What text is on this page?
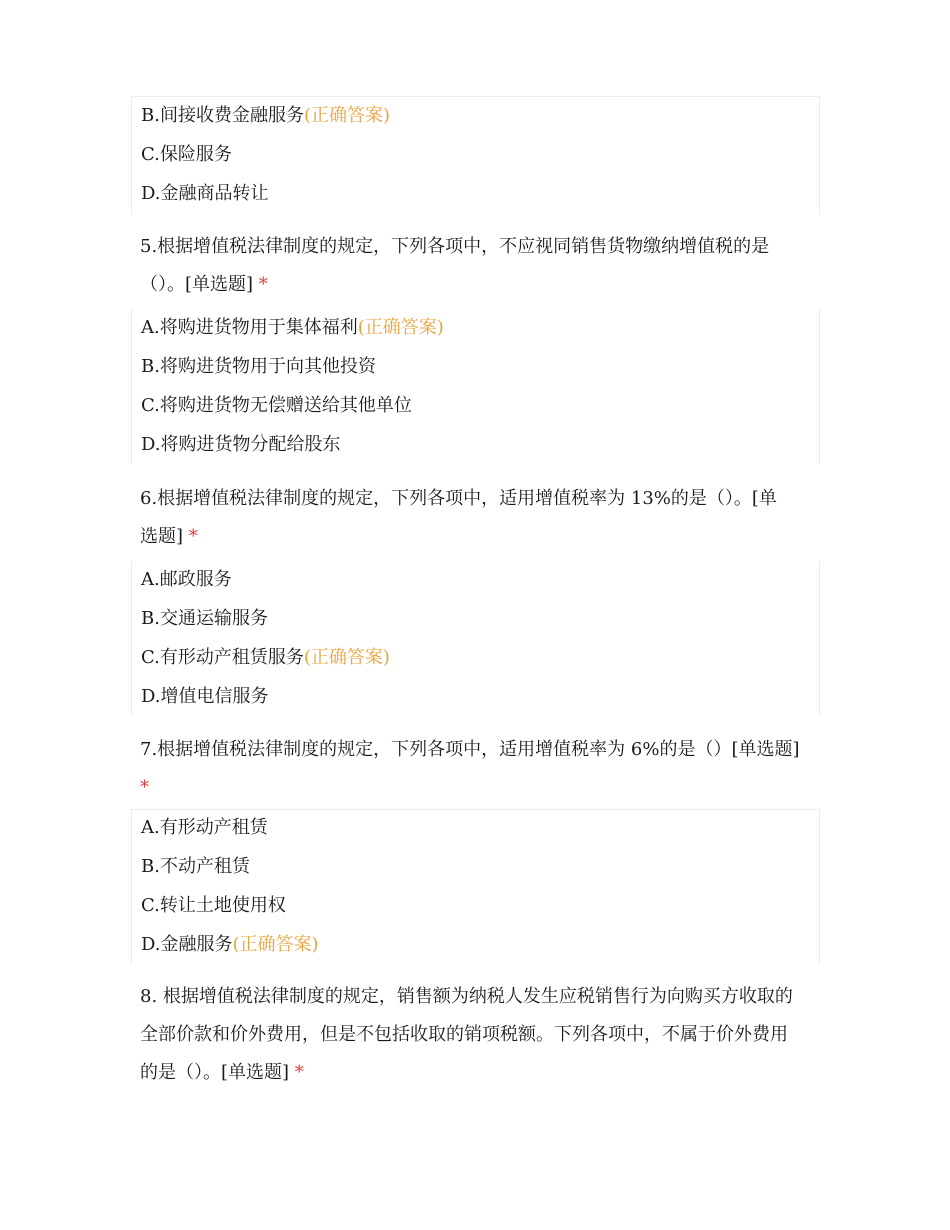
B.间接收费金融服务(正确答案)
C.保险服务
D.金融商品转让
5.根据增值税法律制度的规定，下列各项中，不应视同销售货物缴纳增值税的是
（）。[单选题] *
A.将购进货物用于集体福利(正确答案)
B.将购进货物用于向其他投资
C.将购进货物无偿赠送给其他单位
D.将购进货物分配给股东
6.根据增值税法律制度的规定，下列各项中，适用增值税率为 13%的是（）。[单
选题] *
A.邮政服务
B.交通运输服务
C.有形动产租赁服务(正确答案)
D.增值电信服务
7.根据增值税法律制度的规定，下列各项中，适用增值税率为 6%的是（）[单选题]
*
A.有形动产租赁
B.不动产租赁
C.转让土地使用权
D.金融服务(正确答案)
8. 根据增值税法律制度的规定，销售额为纳税人发生应税销售行为向购买方收取的
全部价款和价外费用，但是不包括收取的销项税额。下列各项中，不属于价外费用
的是（）。[单选题] *
